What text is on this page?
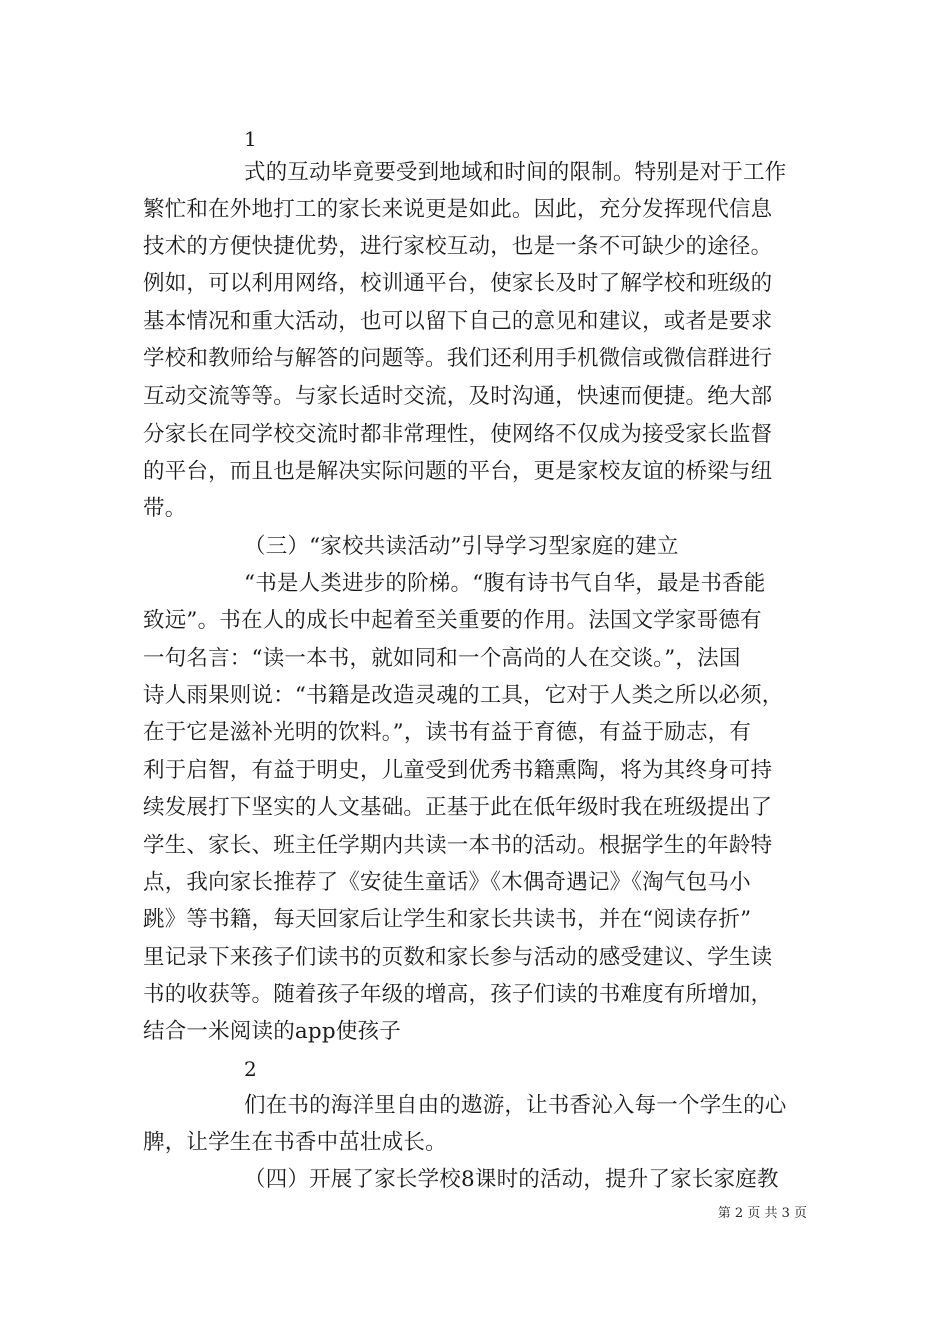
1
式的互动毕竟要受到地域和时间的限制。特别是对于工作
繁忙和在外地打工的家长来说更是如此。因此，充分发挥现代信息
技术的方便快捷优势，进行家校互动，也是一条不可缺少的途径。
例如，可以利用网络，校训通平台，使家长及时了解学校和班级的
基本情况和重大活动，也可以留下自己的意见和建议，或者是要求
学校和教师给与解答的问题等。我们还利用手机微信或微信群进行
互动交流等等。与家长适时交流，及时沟通，快速而便捷。绝大部
分家长在同学校交流时都非常理性，使网络不仅成为接受家长监督
的平台，而且也是解决实际问题的平台，更是家校友谊的桥梁与纽
带。
（三）“家校共读活动”引导学习型家庭的建立
“书是人类进步的阶梯。“腹有诗书气自华，最是书香能
致远”。书在人的成长中起着至关重要的作用。法国文学家哥德有
一句名言：“读一本书，就如同和一个高尚的人在交谈。”，法国
诗人雨果则说：“书籍是改造灵魂的工具，它对于人类之所以必须，
在于它是滋补光明的饮料。”，读书有益于育德，有益于励志，有
利于启智，有益于明史，儿童受到优秀书籍熏陶，将为其终身可持
续发展打下坚实的人文基础。正基于此在低年级时我在班级提出了
学生、家长、班主任学期内共读一本书的活动。根据学生的年龄特
点，我向家长推荐了《安徒生童话》《木偶奇遇记》《淘气包马小
跳》等书籍，每天回家后让学生和家长共读书，并在“阅读存折”
里记录下来孩子们读书的页数和家长参与活动的感受建议、学生读
书的收获等。随着孩子年级的增高，孩子们读的书难度有所增加，
结合一米阅读的app使孩子
2
们在书的海洋里自由的遨游，让书香沁入每一个学生的心
脾，让学生在书香中茁壮成长。
（四）开展了家长学校8课时的活动，提升了家长家庭教
第 2 页 共 3 页
